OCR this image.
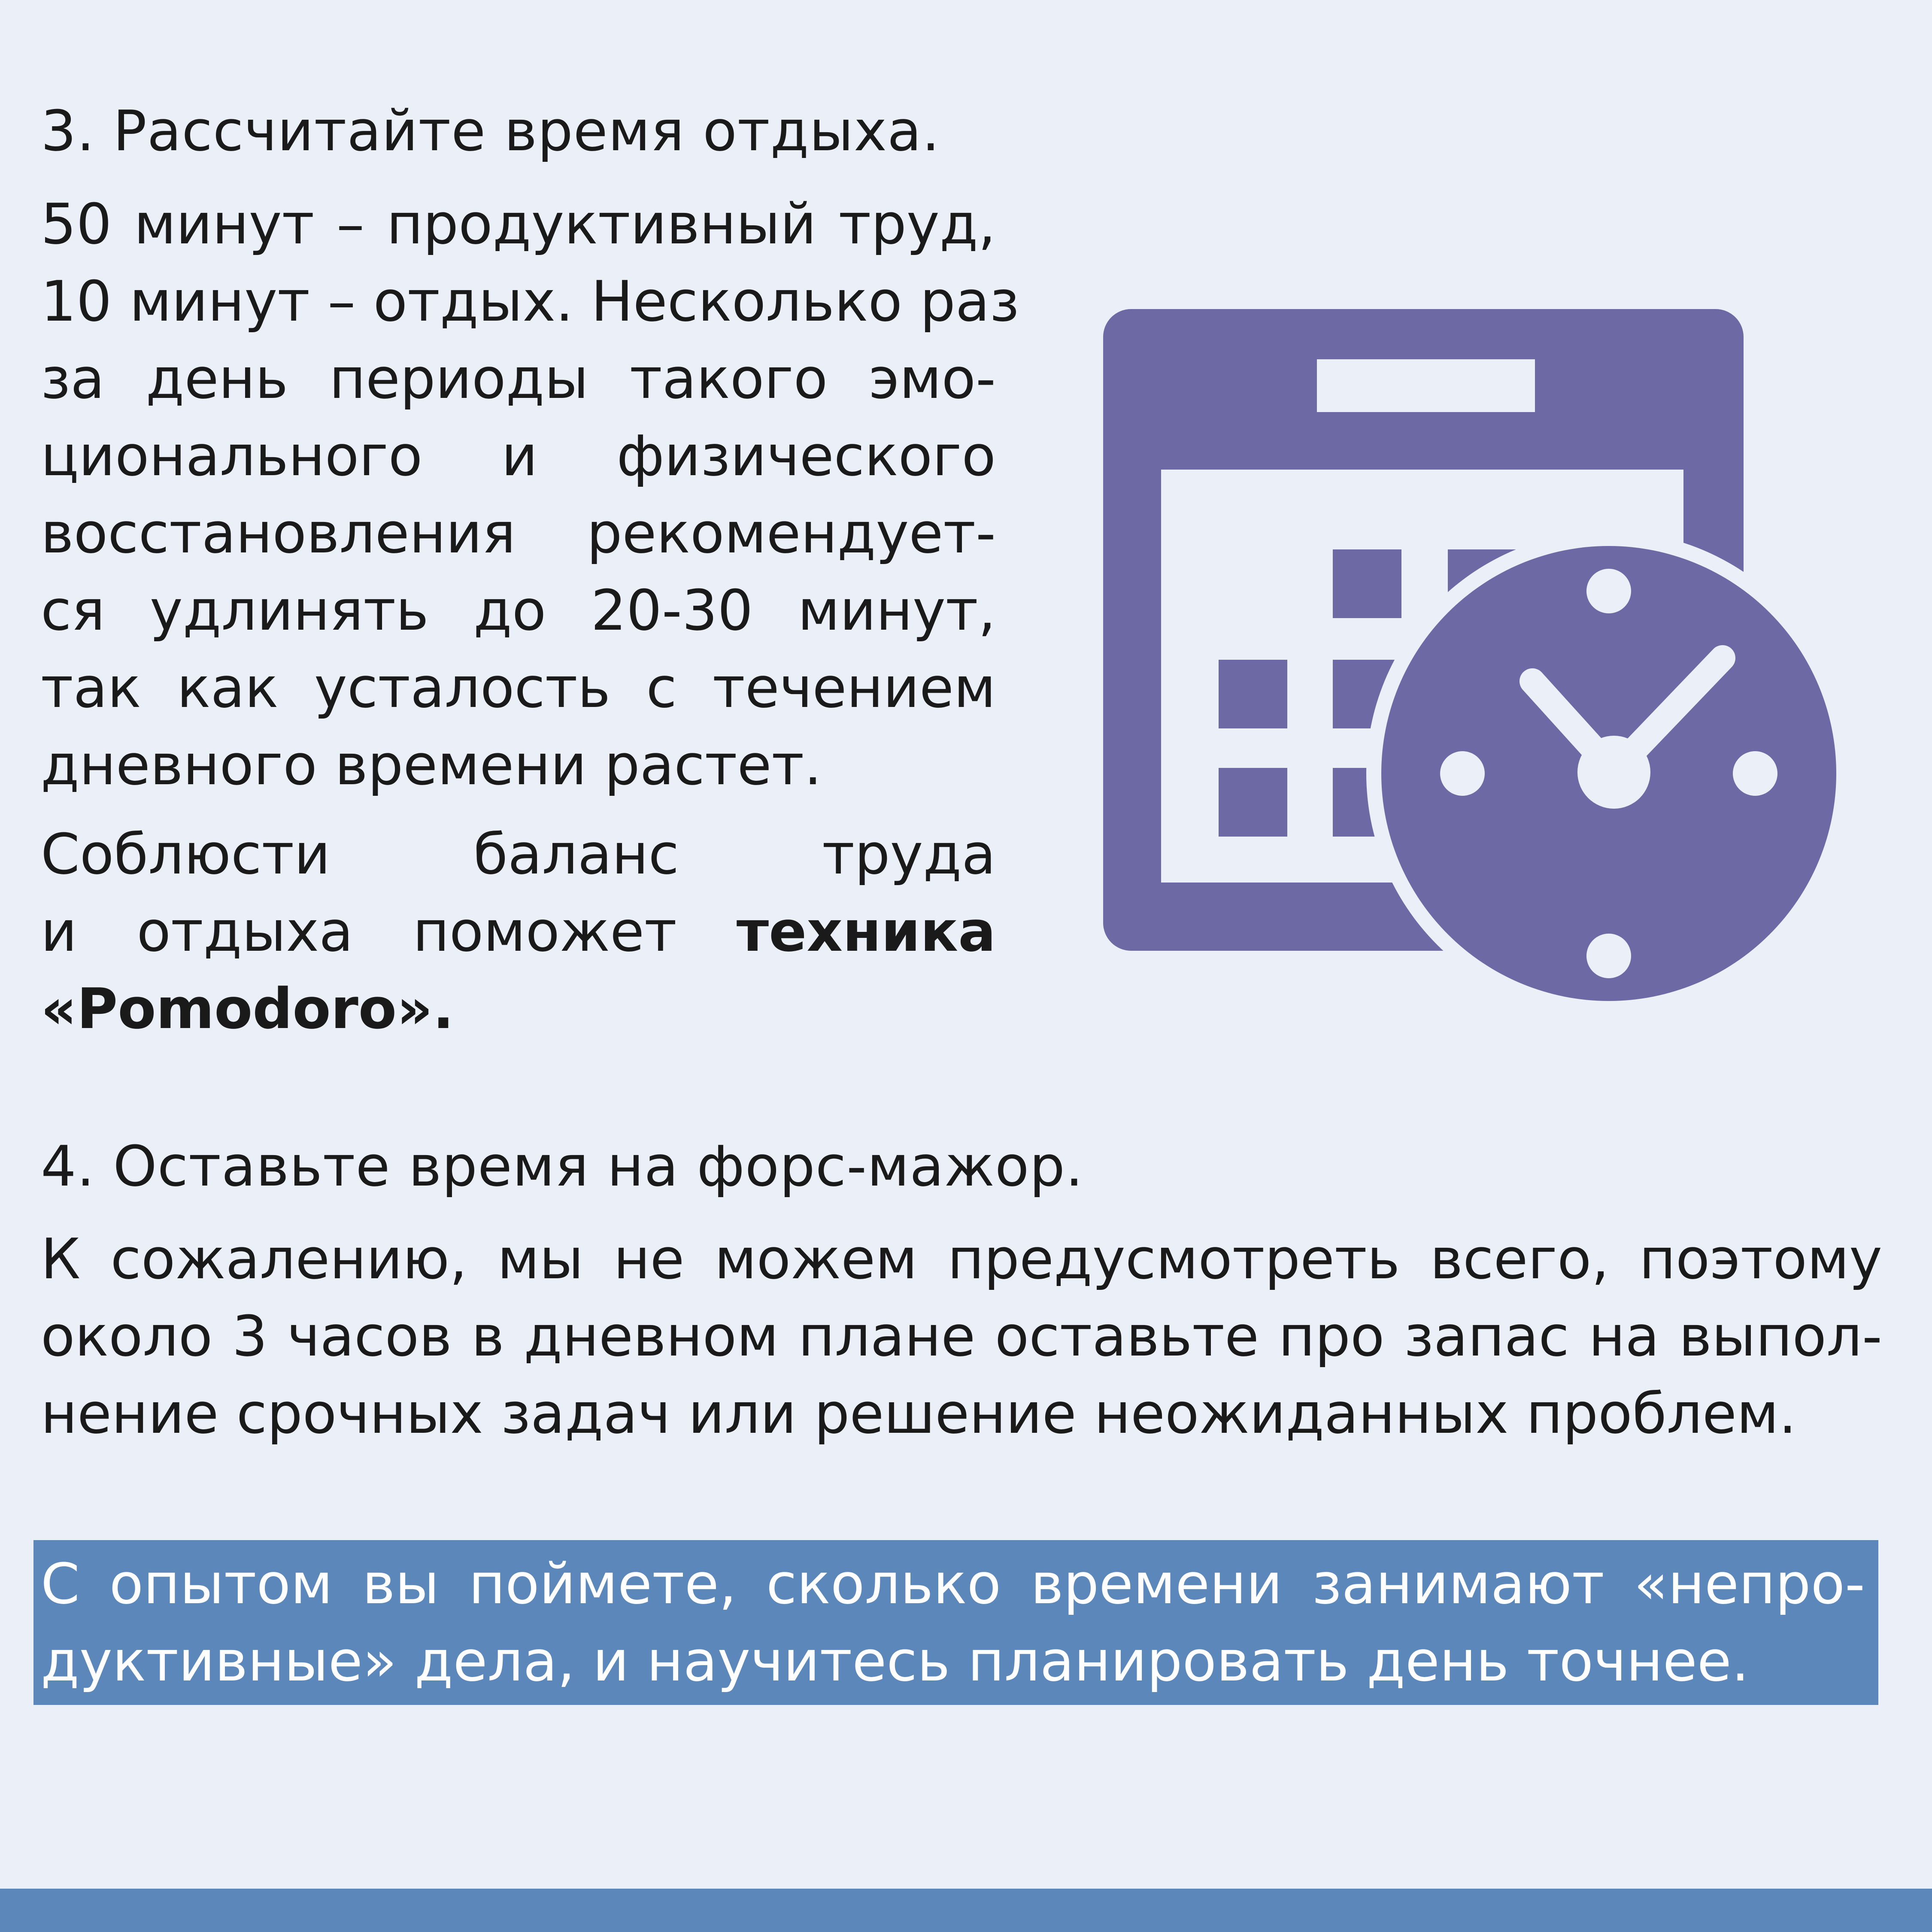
3. Рассчитайте время отдыха.
50 минут – продуктивный труд,
10 минут – отдых. Несколько раз
за день периоды такого эмо-
ционального и физического
восстановления рекомендует-
ся удлинять до 20-30 минут,
так как усталость с течением
дневного времени растет.
Соблюсти баланс труда
и отдыха поможет техника
«Pomodoro».
4. Оставьте время на форс-мажор.
К сожалению, мы не можем предусмотреть всего, поэтому
около 3 часов в дневном плане оставьте про запас на выпол-
нение срочных задач или решение неожиданных проблем.
С опытом вы поймете, сколько времени занимают «непро-
дуктивные» дела, и научитесь планировать день точнее.
